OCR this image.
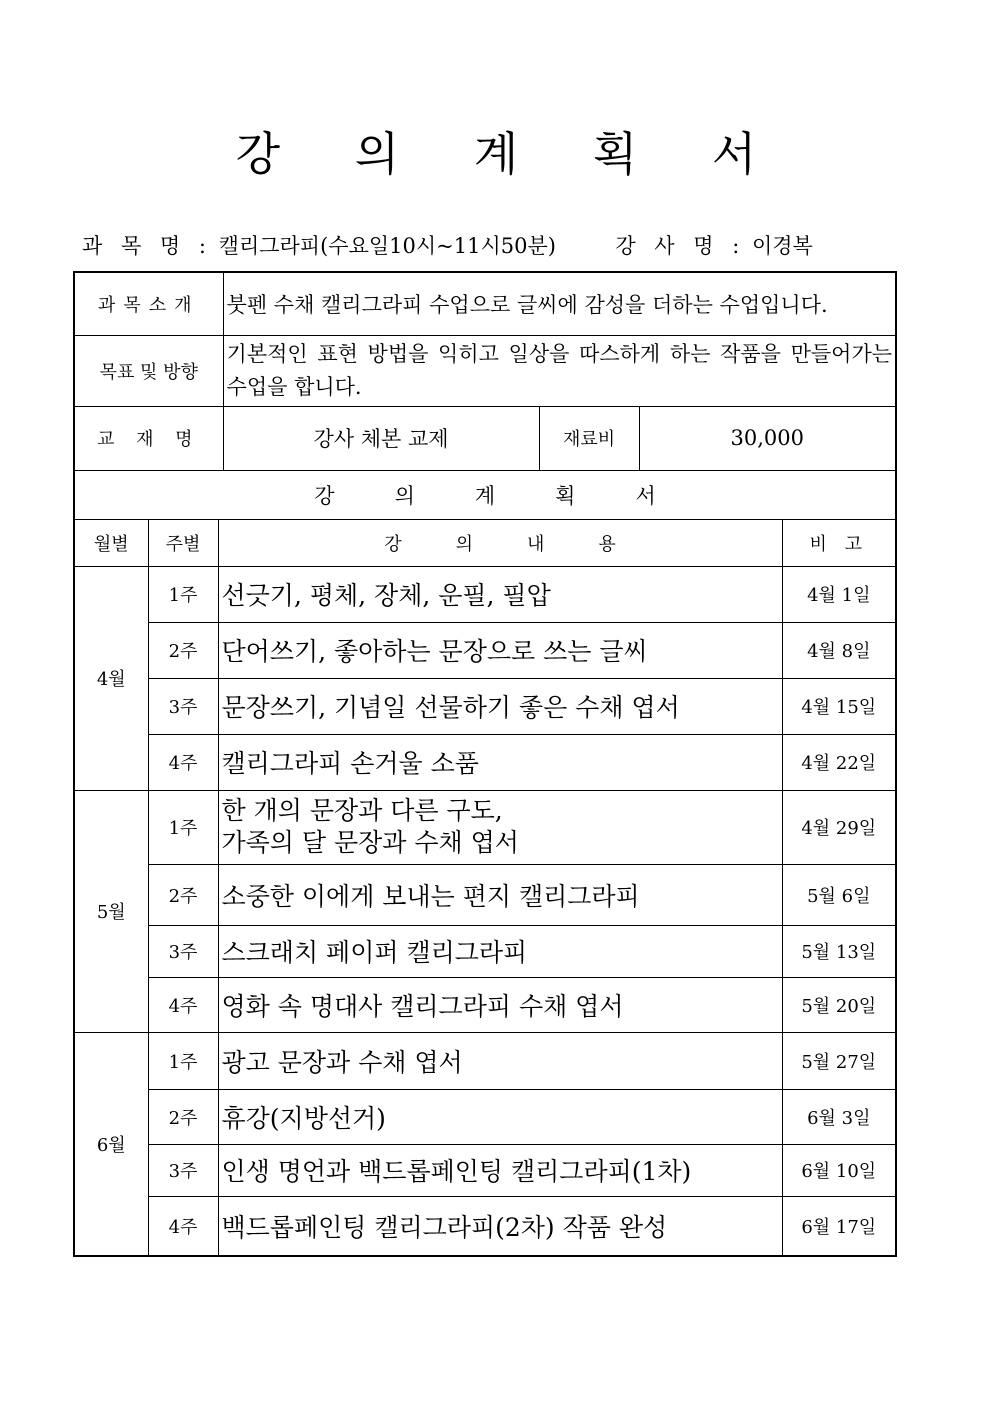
강 의 계 획 서
과 목 명 : 캘리그라피(수요일10시~11시50분)	강 사 명 : 이경복
과목소개			붓펜 수채 캘리그라피 수업으로 글씨에 감성을 더하는 수업입니다.			
목표 및 방향			기본적인 표현 방법을 익히고 일상을 따스하게 하는 작품을 만들어가는 수업을 합니다.			
교 재 명			강사 체본 교제	재료비	30,000	
강의계획서						
월별	주별	강의내용				비 고
4월	1주	선긋기, 평체, 장체, 운필, 필압				4월 1일
	2주	단어쓰기, 좋아하는 문장으로 쓰는 글씨				4월 8일
	3주	문장쓰기, 기념일 선물하기 좋은 수채 엽서				4월 15일
	4주	캘리그라피 손거울 소품				4월 22일
5월	1주	한 개의 문장과 다른 구도,
가족의 달 문장과 수채 엽서				4월 29일
	2주	소중한 이에게 보내는 편지 캘리그라피				5월 6일
	3주	스크래치 페이퍼 캘리그라피				5월 13일
	4주	영화 속 명대사 캘리그라피 수채 엽서				5월 20일
6월	1주	광고 문장과 수채 엽서				5월 27일
	2주	휴강(지방선거)				6월 3일
	3주	인생 명언과 백드롭페인팅 캘리그라피(1차)				6월 10일
	4주	백드롭페인팅 캘리그라피(2차) 작품 완성				6월 17일
